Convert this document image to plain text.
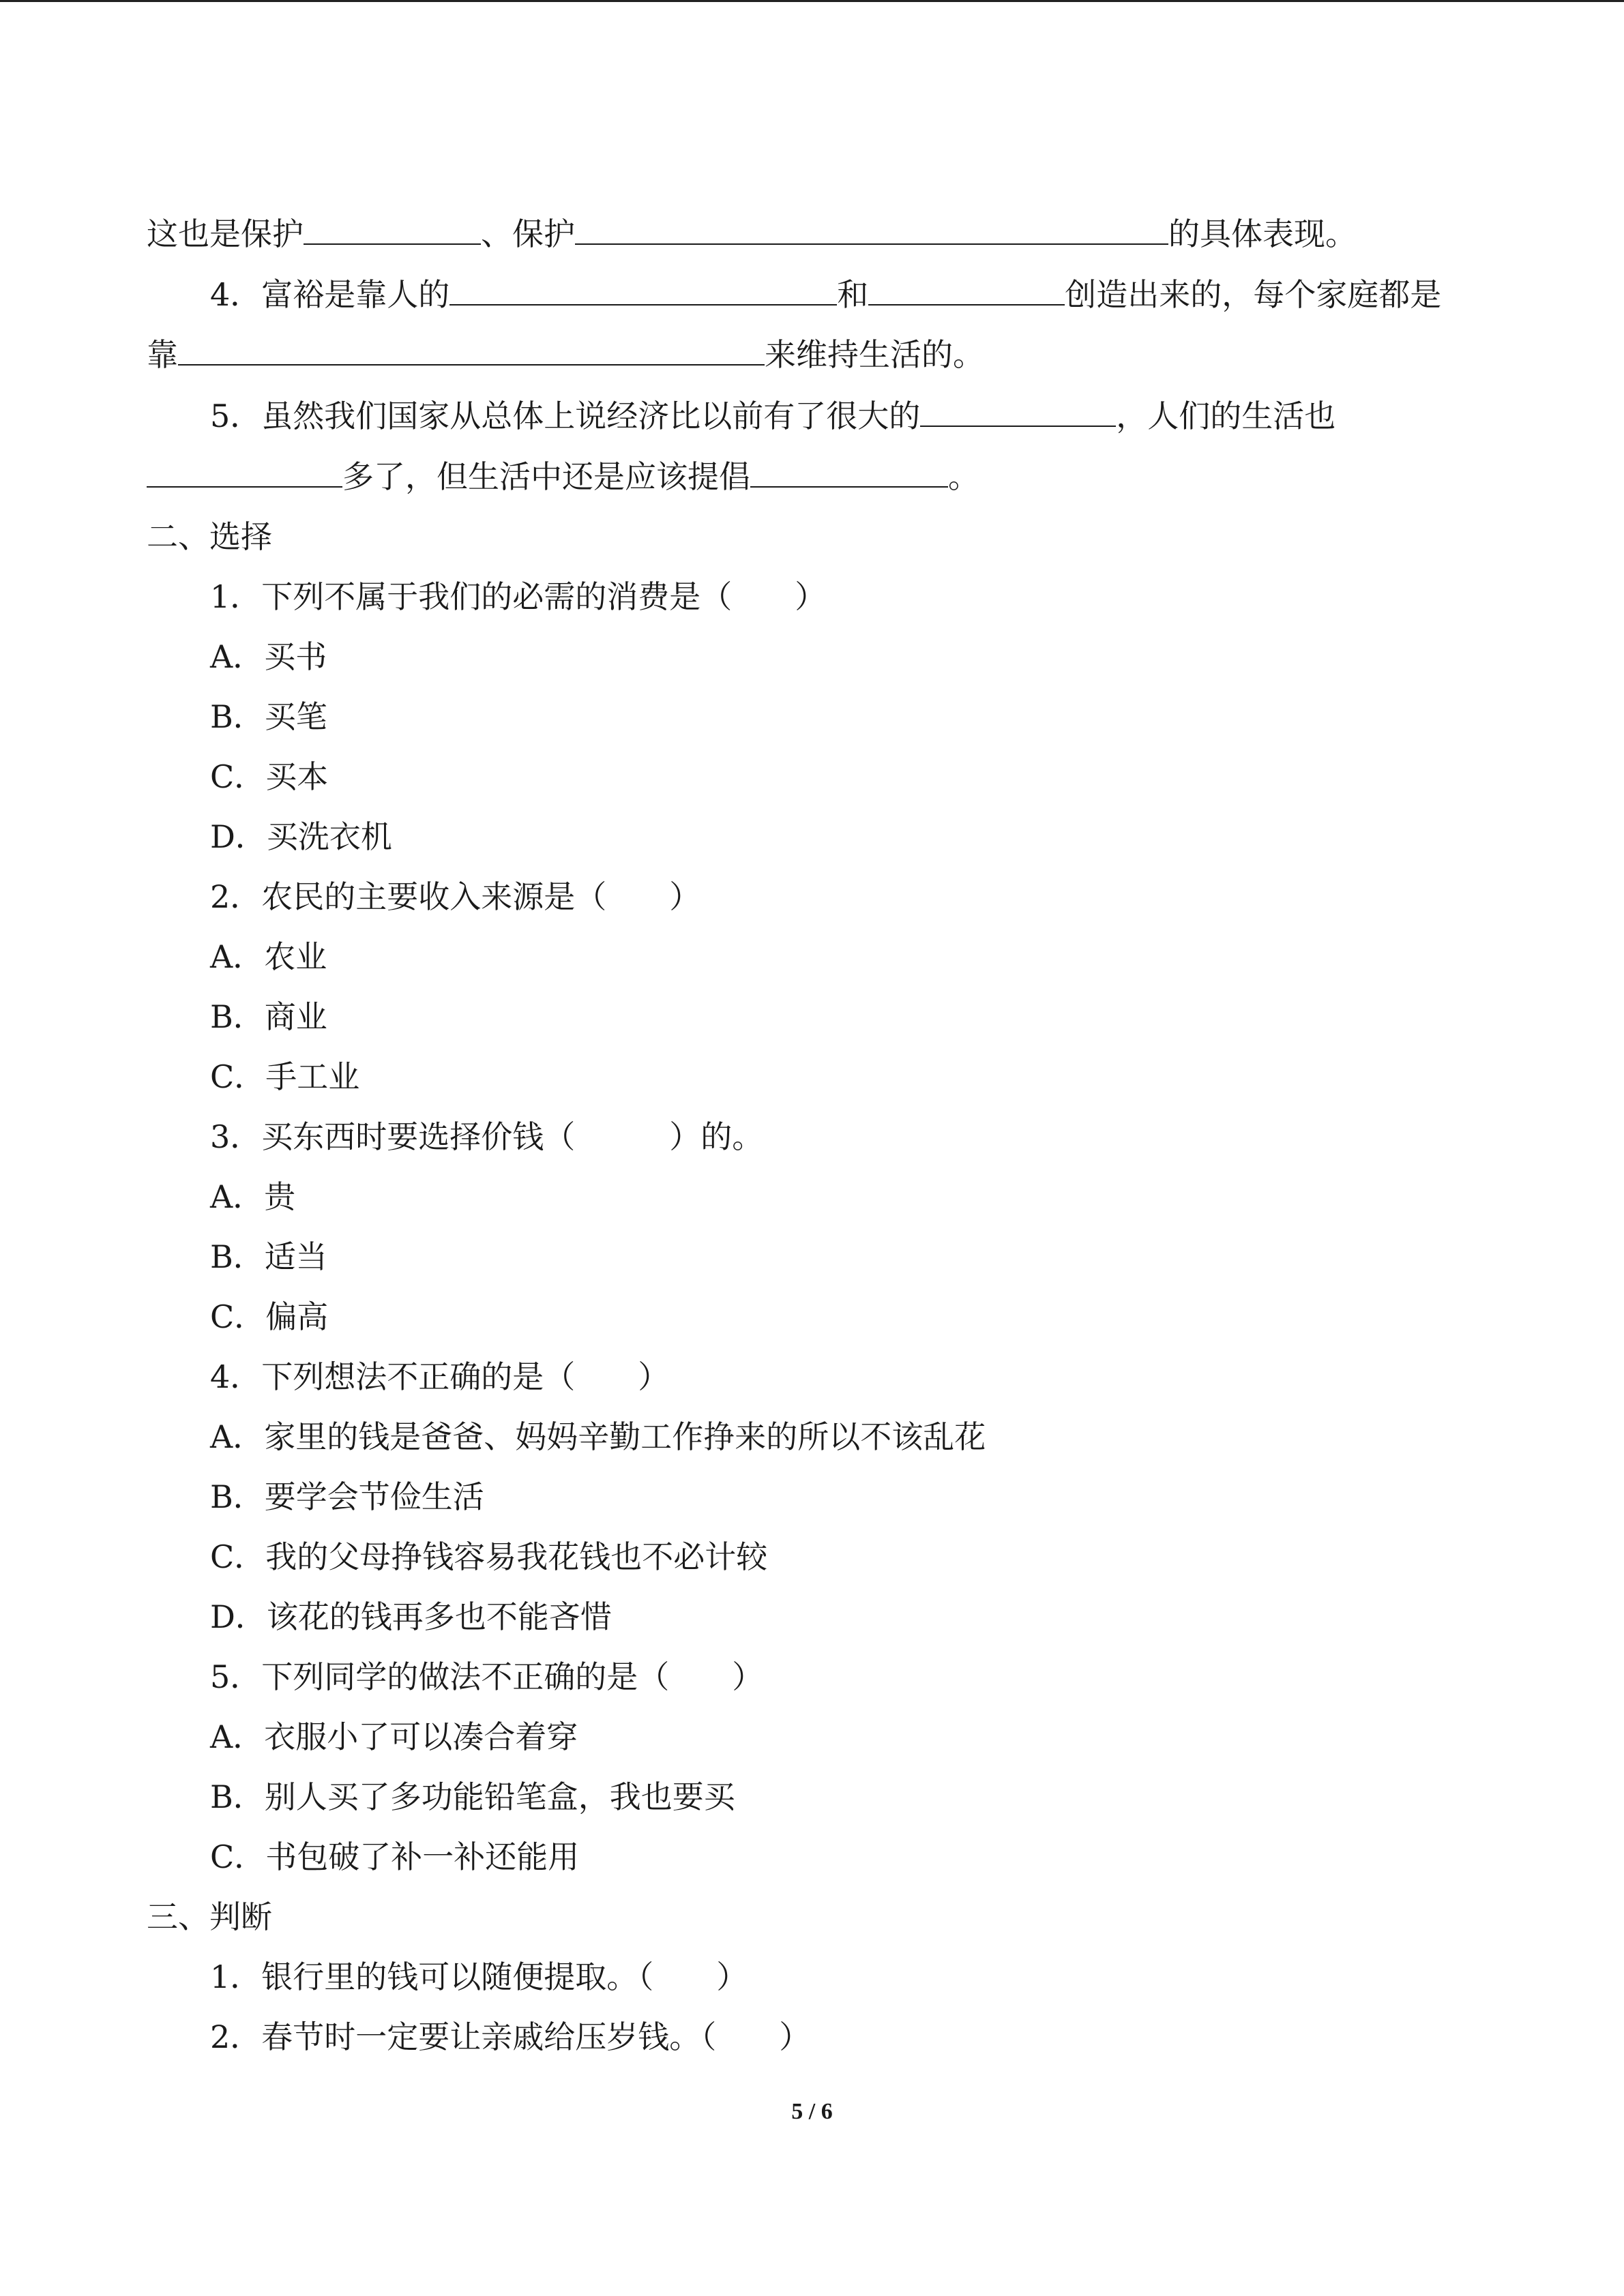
这也是保护	、保护	的具体表现。
4．富裕是靠人的	和	创造出来的，每个家庭都是
靠	来维持生活的。
5．虽然我们国家从总体上说经济比以前有了很大的	，人们的生活也
多了，但生活中还是应该提倡	。
二、选择
1．下列不属于我们的必需的消费是（　　）
A．买书
B．买笔
C．买本
D．买洗衣机
2．农民的主要收入来源是（　　）
A．农业
B．商业
C．手工业
3．买东西时要选择价钱（　　　）的。
A．贵
B．适当
C．偏高
4．下列想法不正确的是（　　）
A．家里的钱是爸爸、妈妈辛勤工作挣来的所以不该乱花
B．要学会节俭生活
C．我的父母挣钱容易我花钱也不必计较
D．该花的钱再多也不能吝惜
5．下列同学的做法不正确的是（　　）
A．衣服小了可以凑合着穿
B．别人买了多功能铅笔盒，我也要买
C．书包破了补一补还能用
三、判断
1．银行里的钱可以随便提取。（　　）
2．春节时一定要让亲戚给压岁钱。（　　）
5 / 6
